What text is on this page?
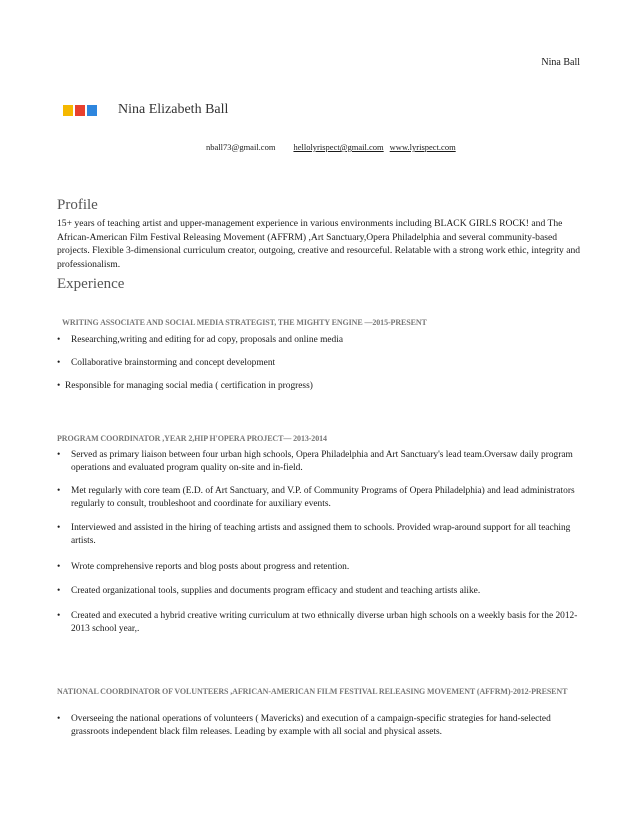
Nina Ball
Nina Elizabeth Ball
nball73@gmail.com hellolyrispect@gmail.com www.lyrispect.com
Profile
15+ years of teaching artist and upper-management experience in various environments including BLACK GIRLS ROCK! and The African-American Film Festival Releasing Movement (AFFRM) ,Art Sanctuary,Opera Philadelphia and several community-based projects. Flexible 3-dimensional curriculum creator, outgoing, creative and resourceful. Relatable with a strong work ethic, integrity and professionalism.
Experience
WRITING ASSOCIATE AND SOCIAL MEDIA STRATEGIST, THE MIGHTY ENGINE —2015-PRESENT
•	Researching,writing and editing for ad copy, proposals and online media
•	Collaborative brainstorming and concept development
• Responsible for managing social media ( certification in progress)
PROGRAM COORDINATOR ,YEAR 2,HIP H'OPERA PROJECT— 2013-2014
•	Served as primary liaison between four urban high schools, Opera Philadelphia and Art Sanctuary's lead team.Oversaw daily program operations and evaluated program quality on-site and in-field.
•	Met regularly with core team (E.D. of Art Sanctuary, and V.P. of Community Programs of Opera Philadelphia) and lead administrators regularly to consult, troubleshoot and coordinate for auxiliary events.
•	Interviewed and assisted in the hiring of teaching artists and assigned them to schools. Provided wrap-around support for all teaching artists.
•	Wrote comprehensive reports and blog posts about progress and retention.
•	Created organizational tools, supplies and documents program efficacy and student and teaching artists alike.
•	Created and executed a hybrid creative writing curriculum at two ethnically diverse urban high schools on a weekly basis for the 2012-2013 school year,.
NATIONAL COORDINATOR OF VOLUNTEERS ,AFRICAN-AMERICAN FILM FESTIVAL RELEASING MOVEMENT (AFFRM)-2012-PRESENT
•	Overseeing the national operations of volunteers ( Mavericks) and execution of a campaign-specific strategies for hand-selected grassroots independent black film releases. Leading by example with all social and physical assets.
